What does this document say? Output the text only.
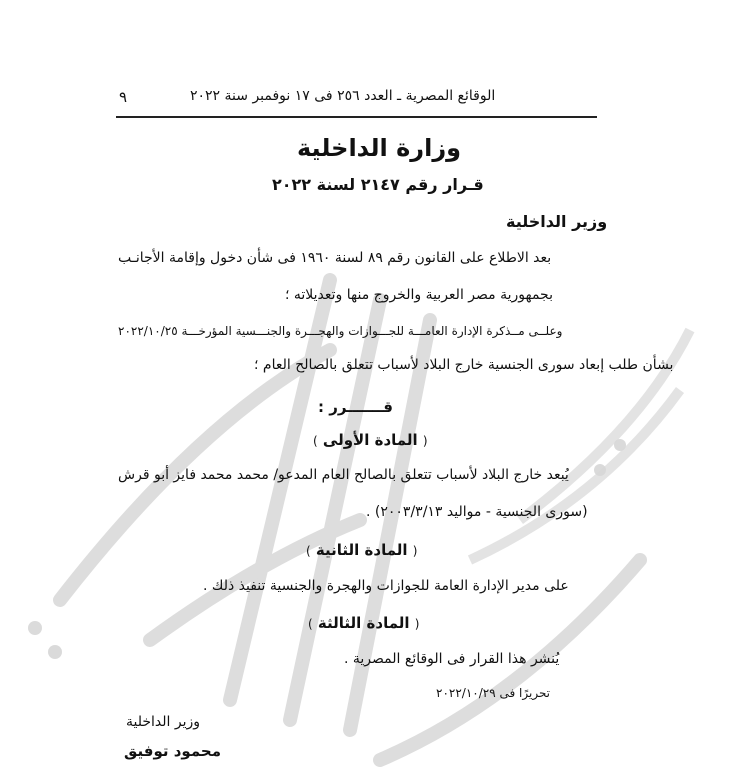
الوقائع المصرية ـ العدد ٢٥٦ فى ١٧ نوفمبر سنة ٢٠٢٢
٩
وزارة الداخلية
قـرار رقم ٢١٤٧ لسنة ٢٠٢٢
وزير الداخلية
بعد الاطلاع على القانون رقم ٨٩ لسنة ١٩٦٠ فى شأن دخول وإقامة الأجانـب
بجمهورية مصر العربية والخروج منها وتعديلاته ؛
وعلــى مــذكرة الإدارة العامـــة للجـــوازات والهجـــرة والجنـــسية المؤرخـــة ٢٠٢٢/١٠/٢٥
بشأن طلب إبعاد سورى الجنسية خارج البلاد لأسباب تتعلق بالصالح العام ؛
قـــــــرر :
( المادة الأولى )
يُبعد خارج البلاد لأسباب تتعلق بالصالح العام المدعو/ محمد محمد فايز أبو قرش
(سورى الجنسية - مواليد ٢٠٠٣/٣/١٣) .
( المادة الثانية )
على مدير الإدارة العامة للجوازات والهجرة والجنسية تنفيذ ذلك .
( المادة الثالثة )
يُنشر هذا القرار فى الوقائع المصرية .
تحريرًا فى ٢٠٢٢/١٠/٢٩
وزير الداخلية
محمود توفيق
